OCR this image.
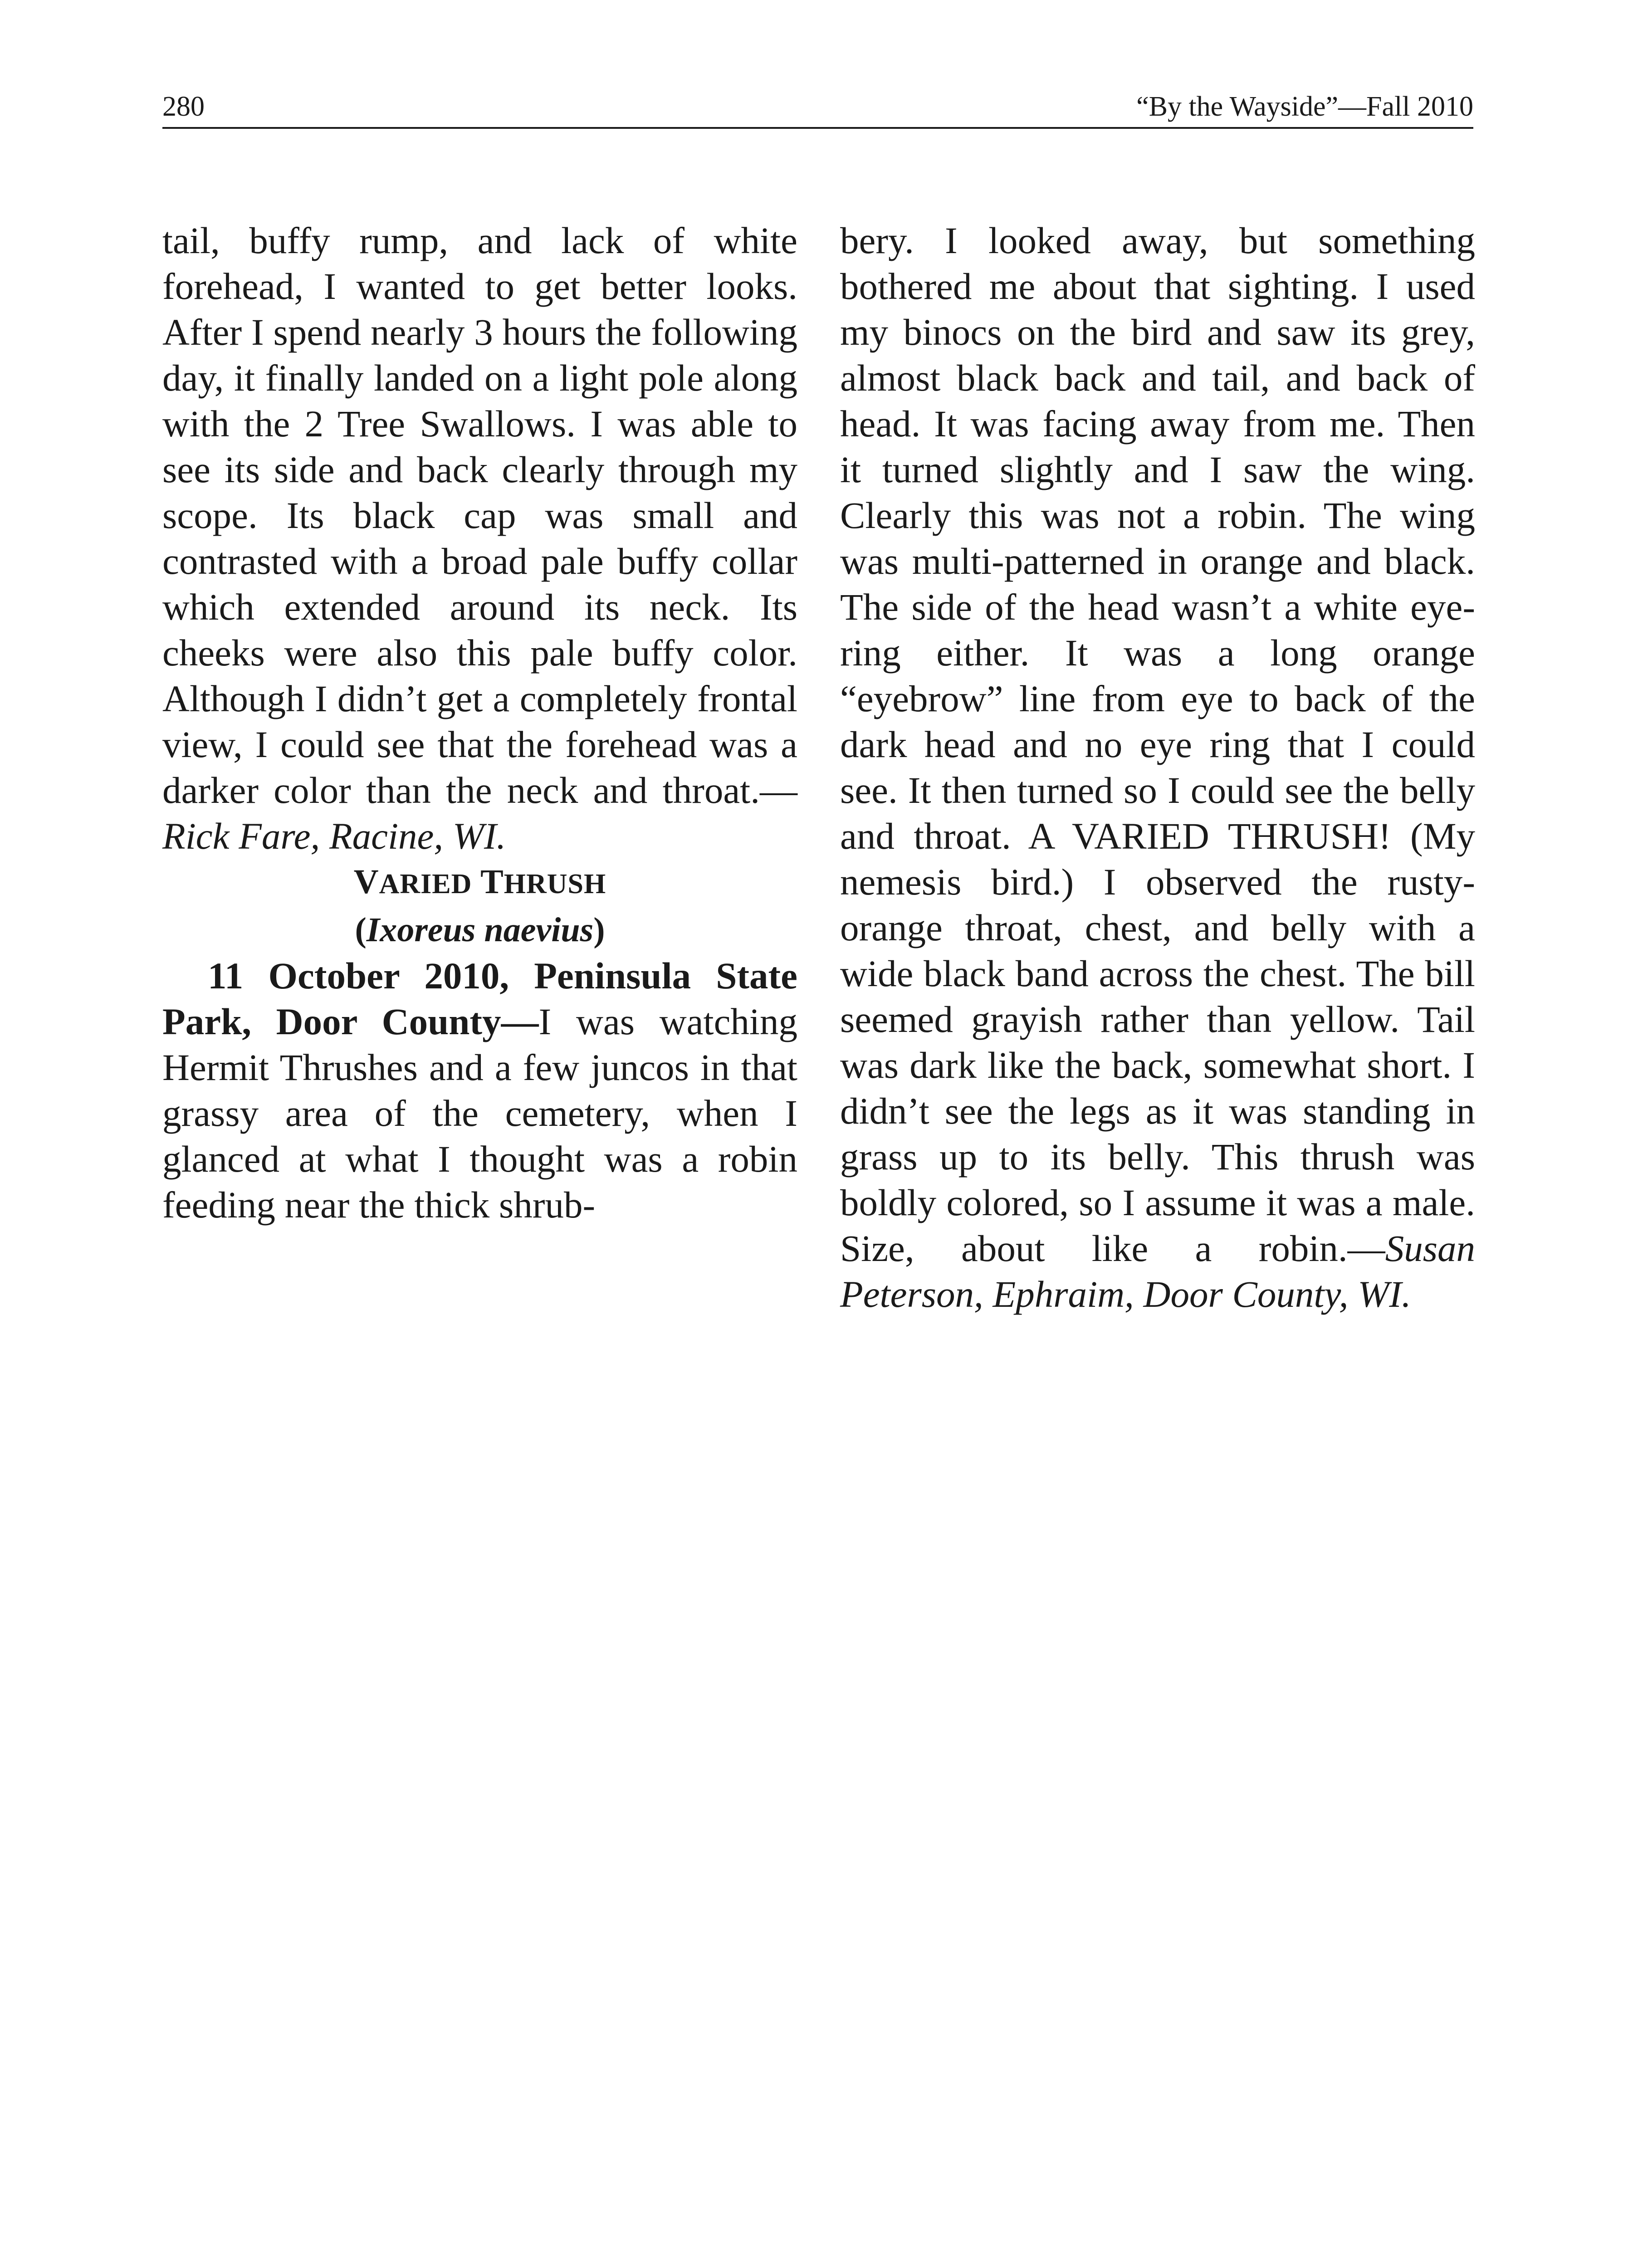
280	“By the Wayside”—Fall 2010

tail, buffy rump, and lack of white forehead, I wanted to get better looks. After I spend nearly 3 hours the following day, it finally landed on a light pole along with the 2 Tree Swallows. I was able to see its side and back clearly through my scope. Its black cap was small and contrasted with a broad pale buffy collar which extended around its neck. Its cheeks were also this pale buffy color. Although I didn’t get a completely frontal view, I could see that the forehead was a darker color than the neck and throat.—Rick Fare, Racine, WI.

VARIED THRUSH

(Ixoreus naevius)

11 October 2010, Peninsula State Park, Door County—I was watching Hermit Thrushes and a few juncos in that grassy area of the cemetery, when I glanced at what I thought was a robin feeding near the thick shrub-

bery. I looked away, but something bothered me about that sighting. I used my binocs on the bird and saw its grey, almost black back and tail, and back of head. It was facing away from me. Then it turned slightly and I saw the wing. Clearly this was not a robin. The wing was multi-patterned in orange and black. The side of the head wasn’t a white eye-ring either. It was a long orange “eyebrow” line from eye to back of the dark head and no eye ring that I could see. It then turned so I could see the belly and throat. A VARIED THRUSH! (My nemesis bird.) I observed the rusty-orange throat, chest, and belly with a wide black band across the chest. The bill seemed grayish rather than yellow. Tail was dark like the back, somewhat short. I didn’t see the legs as it was standing in grass up to its belly. This thrush was boldly colored, so I assume it was a male. Size, about like a robin.—Susan Peterson, Ephraim, Door County, WI.
